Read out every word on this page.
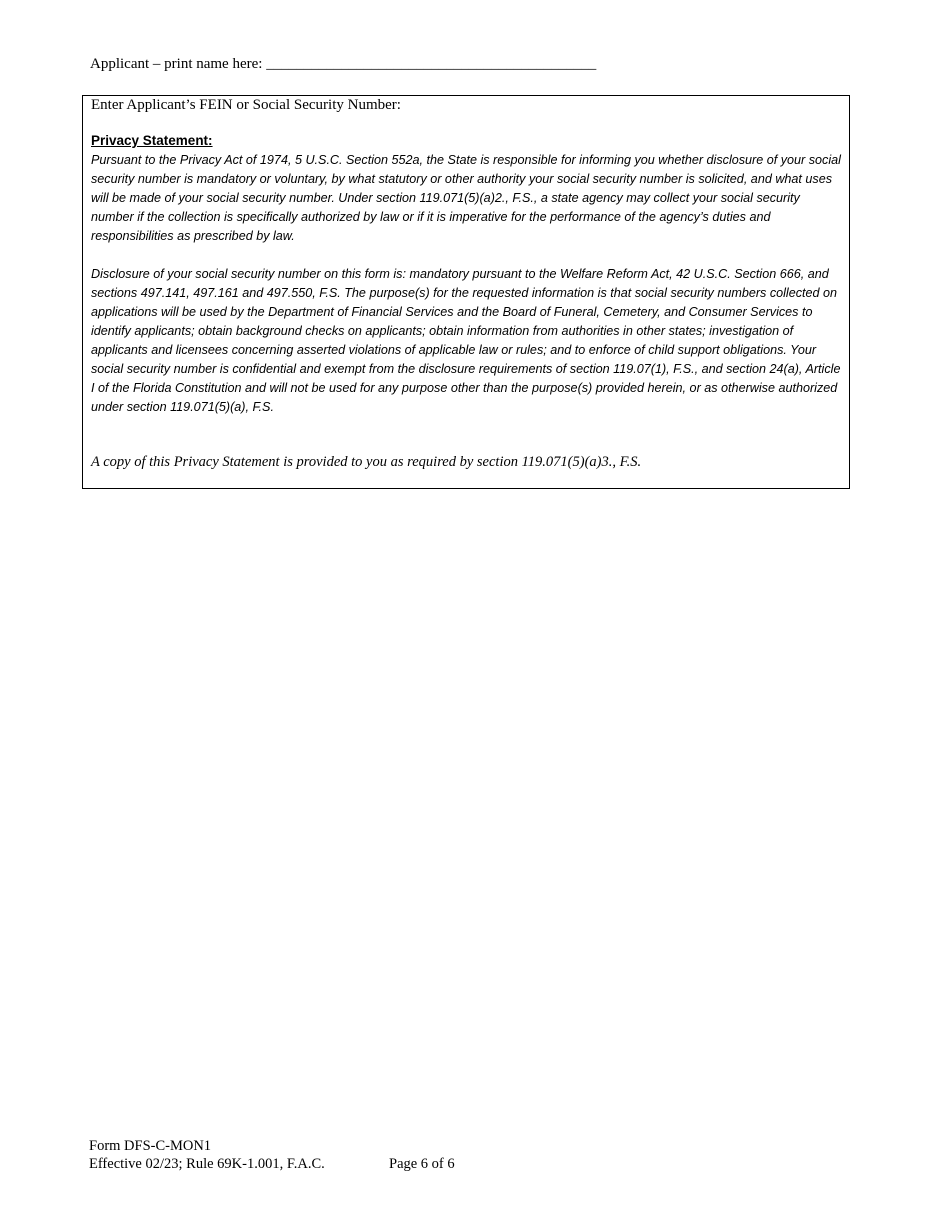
Applicant – print name here: ____________________________________________
Enter Applicant’s FEIN or Social Security Number:
Privacy Statement:

Pursuant to the Privacy Act of 1974, 5 U.S.C. Section 552a, the State is responsible for informing you whether disclosure of your social security number is mandatory or voluntary, by what statutory or other authority your social security number is solicited, and what uses will be made of your social security number. Under section 119.071(5)(a)2., F.S., a state agency may collect your social security number if the collection is specifically authorized by law or if it is imperative for the performance of the agency’s duties and responsibilities as prescribed by law.

Disclosure of your social security number on this form is: mandatory pursuant to the Welfare Reform Act, 42 U.S.C. Section 666, and sections 497.141, 497.161 and 497.550, F.S. The purpose(s) for the requested information is that social security numbers collected on applications will be used by the Department of Financial Services and the Board of Funeral, Cemetery, and Consumer Services to identify applicants; obtain background checks on applicants; obtain information from authorities in other states; investigation of applicants and licensees concerning asserted violations of applicable law or rules; and to enforce of child support obligations. Your social security number is confidential and exempt from the disclosure requirements of section 119.07(1), F.S., and section 24(a), Article I of the Florida Constitution and will not be used for any purpose other than the purpose(s) provided herein, or as otherwise authorized under section 119.071(5)(a), F.S.

A copy of this Privacy Statement is provided to you as required by section 119.071(5)(a)3., F.S.
Form DFS-C-MON1
Effective 02/23; Rule 69K-1.001, F.A.C.	Page 6 of 6
